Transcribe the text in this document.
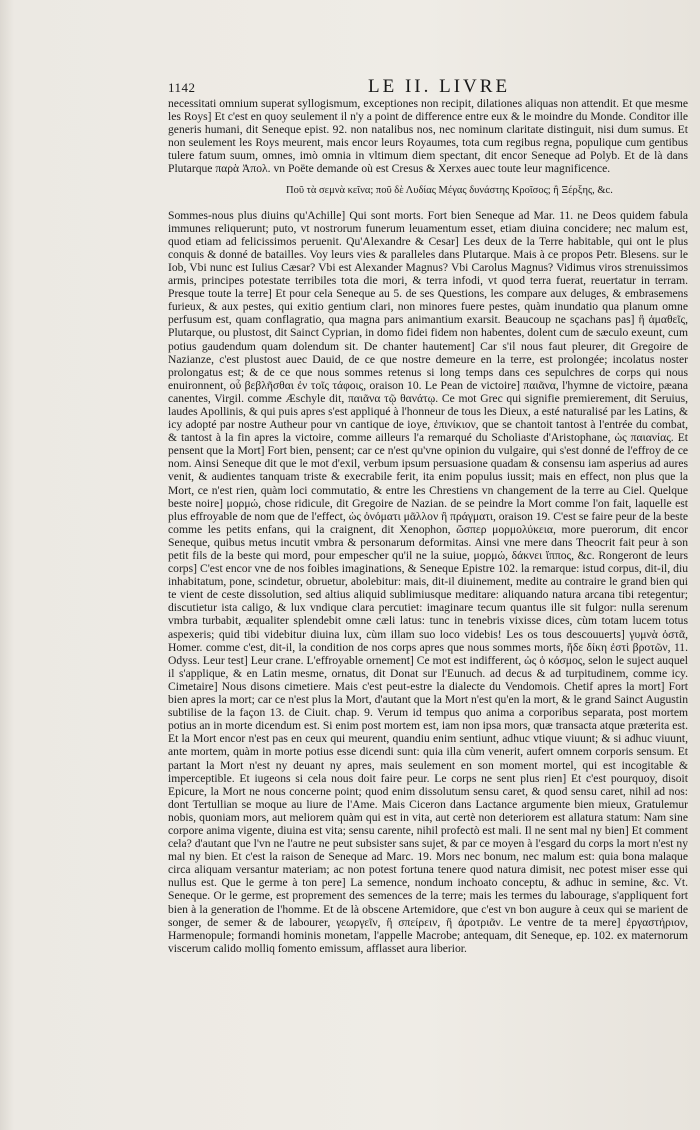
1142	LE II. LIVRE

necessitati omnium superat syllogismum, exceptiones non recipit, dilationes aliquas non attendit. Et que mesme les Roys] Et c'est en quoy seulement il n'y a point de difference entre eux & le moindre du Monde. Conditor ille generis humani, dit Seneque epist. 92. non natalibus nos, nec nominum claritate distinguit, nisi dum sumus. Et non seulement les Roys meurent, mais encor leurs Royaumes, tota cum regibus regna, populique cum gentibus tulere fatum suum, omnes, imò omnia in vltimum diem spectant, dit encor Seneque ad Polyb. Et de là dans Plutarque παρὰ Ἀπολ. vn Poëte demande où est Cresus & Xerxes auec toute leur magnificence.

Ποῦ τὰ σεμνὰ κεῖνα; ποῦ δὲ Λυδίας Μέγας δυνάστης Κροῖσος; ἢ Ξέρξης, &c.

Sommes-nous plus diuins qu'Achille] Qui sont morts. Fort bien Seneque ad Mar. 11. ne Deos quidem fabula immunes reliquerunt; puto, vt nostrorum funerum leuamentum esset, etiam diuina concidere; nec malum est, quod etiam ad felicissimos peruenit. Qu'Alexandre & Cesar] Les deux de la Terre habitable, qui ont le plus conquis & donné de batailles. Voy leurs vies & paralleles dans Plutarque. Mais à ce propos Petr. Blesens. sur le Iob, Vbi nunc est Iulius Cæsar? Vbi est Alexander Magnus? Vbi Carolus Magnus? Vidimus viros strenuissimos armis, principes potestate terribiles tota die mori, & terra infodi, vt quod terra fuerat, reuertatur in terram. Presque toute la terre] Et pour cela Seneque au 5. de ses Questions, les compare aux deluges, & embrasemens furieux, & aux pestes, qui exitio gentium clari, non minores fuere pestes, quàm inundatio qua planum omne perfusum est, quam conflagratio, qua magna pars animantium exarsit. Beaucoup ne sçachans pas] ἢ ἀμαθεῖς, Plutarque, ou plustost, dit Sainct Cyprian, in domo fidei fidem non habentes, dolent cum de sæculo exeunt, cum potius gaudendum quam dolendum sit. De chanter hautement] Car s'il nous faut pleurer, dit Gregoire de Nazianze, c'est plustost auec Dauid, de ce que nostre demeure en la terre, est prolongée; incolatus noster prolongatus est; & de ce que nous sommes retenus si long temps dans ces sepulchres de corps qui nous enuironnent, οὗ βεβλῆσθαι ἐν τοῖς τάφοις, oraison 10. Le Pean de victoire] παιᾶνα, l'hymne de victoire, pæana canentes, Virgil. comme Æschyle dit, παιᾶνα τῷ θανάτῳ. Ce mot Grec qui signifie premierement, dit Seruius, laudes Apollinis, & qui puis apres s'est appliqué à l'honneur de tous les Dieux, a esté naturalisé par les Latins, & icy adopté par nostre Autheur pour vn cantique de ioye, ἐπινίκιον, que se chantoit tantost à l'entrée du combat, & tantost à la fin apres la victoire, comme ailleurs l'a remarqué du Scholiaste d'Aristophane, ὡς παιανίας. Et pensent que la Mort] Fort bien, pensent; car ce n'est qu'vne opinion du vulgaire, qui s'est donné de l'effroy de ce nom. Ainsi Seneque dit que le mot d'exil, verbum ipsum persuasione quadam & consensu iam asperius ad aures venit, & audientes tanquam triste & execrabile ferit, ita enim populus iussit; mais en effect, non plus que la Mort, ce n'est rien, quàm loci commutatio, & entre les Chrestiens vn changement de la terre au Ciel. Quelque beste noire] μορμώ, chose ridicule, dit Gregoire de Nazian. de se peindre la Mort comme l'on fait, laquelle est plus effroyable de nom que de l'effect, ὡς ὀνόματι μᾶλλον ἢ πράγματι, oraison 19. C'est se faire peur de la beste comme les petits enfans, qui la craignent, dit Xenophon, ὥσπερ μορμολύκεια, more puerorum, dit encor Seneque, quibus metus incutit vmbra & personarum deformitas. Ainsi vne mere dans Theocrit fait peur à son petit fils de la beste qui mord, pour empescher qu'il ne la suiue, μορμώ, δάκνει ἵππος, &c. Rongeront de leurs corps] C'est encor vne de nos foibles imaginations, & Seneque Epistre 102. la remarque: istud corpus, dit-il, diu inhabitatum, pone, scindetur, obruetur, abolebitur: mais, dit-il diuinement, medite au contraire le grand bien qui te vient de ceste dissolution, sed altius aliquid sublimiusque meditare: aliquando natura arcana tibi retegentur; discutietur ista caligo, & lux vndique clara percutiet: imaginare tecum quantus ille sit fulgor: nulla serenum vmbra turbabit, æqualiter splendebit omne cæli latus: tunc in tenebris vixisse dices, cùm totam lucem totus aspexeris; quid tibi videbitur diuina lux, cùm illam suo loco videbis! Les os tous descouuerts] γυμνὰ ὀστᾶ, Homer. comme c'est, dit-il, la condition de nos corps apres que nous sommes morts, ἥδε δίκη ἐστὶ βροτῶν, 11. Odyss. Leur test] Leur crane. L'effroyable ornement] Ce mot est indifferent, ὡς ὁ κόσμος, selon le suject auquel il s'applique, & en Latin mesme, ornatus, dit Donat sur l'Eunuch. ad decus & ad turpitudinem, comme icy. Cimetaire] Nous disons cimetiere. Mais c'est peut-estre la dialecte du Vendomois. Chetif apres la mort] Fort bien apres la mort; car ce n'est plus la Mort, d'autant que la Mort n'est qu'en la mort, & le grand Sainct Augustin subtilise de la façon 13. de Ciuit. chap. 9. Verum id tempus quo anima a corporibus separata, post mortem potius an in morte dicendum est. Si enim post mortem est, iam non ipsa mors, quæ transacta atque præterita est. Et la Mort encor n'est pas en ceux qui meurent, quandiu enim sentiunt, adhuc vtique viuunt; & si adhuc viuunt, ante mortem, quàm in morte potius esse dicendi sunt: quia illa cùm venerit, aufert omnem corporis sensum. Et partant la Mort n'est ny deuant ny apres, mais seulement en son moment mortel, qui est incogitable & imperceptible. Et iugeons si cela nous doit faire peur. Le corps ne sent plus rien] Et c'est pourquoy, disoit Epicure, la Mort ne nous concerne point; quod enim dissolutum sensu caret, & quod sensu caret, nihil ad nos: dont Tertullian se moque au liure de l'Ame. Mais Ciceron dans Lactance argumente bien mieux, Gratulemur nobis, quoniam mors, aut meliorem quàm qui est in vita, aut certè non deteriorem est allatura statum: Nam sine corpore anima vigente, diuina est vita; sensu carente, nihil profectò est mali. Il ne sent mal ny bien] Et comment cela? d'autant que l'vn ne l'autre ne peut subsister sans sujet, & par ce moyen à l'esgard du corps la mort n'est ny mal ny bien. Et c'est la raison de Seneque ad Marc. 19. Mors nec bonum, nec malum est: quia bona malaque circa aliquam versantur materiam; ac non potest fortuna tenere quod natura dimisit, nec potest miser esse qui nullus est. Que le germe à ton pere] La semence, nondum inchoato conceptu, & adhuc in semine, &c. Vt. Seneque. Or le germe, est proprement des semences de la terre; mais les termes du labourage, s'appliquent fort bien à la generation de l'homme. Et de là obscene Artemidore, que c'est vn bon augure à ceux qui se marient de songer, de semer & de labourer, γεωργεῖν, ἢ σπείρειν, ἢ ἀροτριᾶν. Le ventre de ta mere] ἐργαστήριον, Harmenopule; formandi hominis monetam, l'appelle Macrobe; antequam, dit Seneque, ep. 102. ex maternorum viscerum calido molliq fomento emissum, afflasset aura liberior.
